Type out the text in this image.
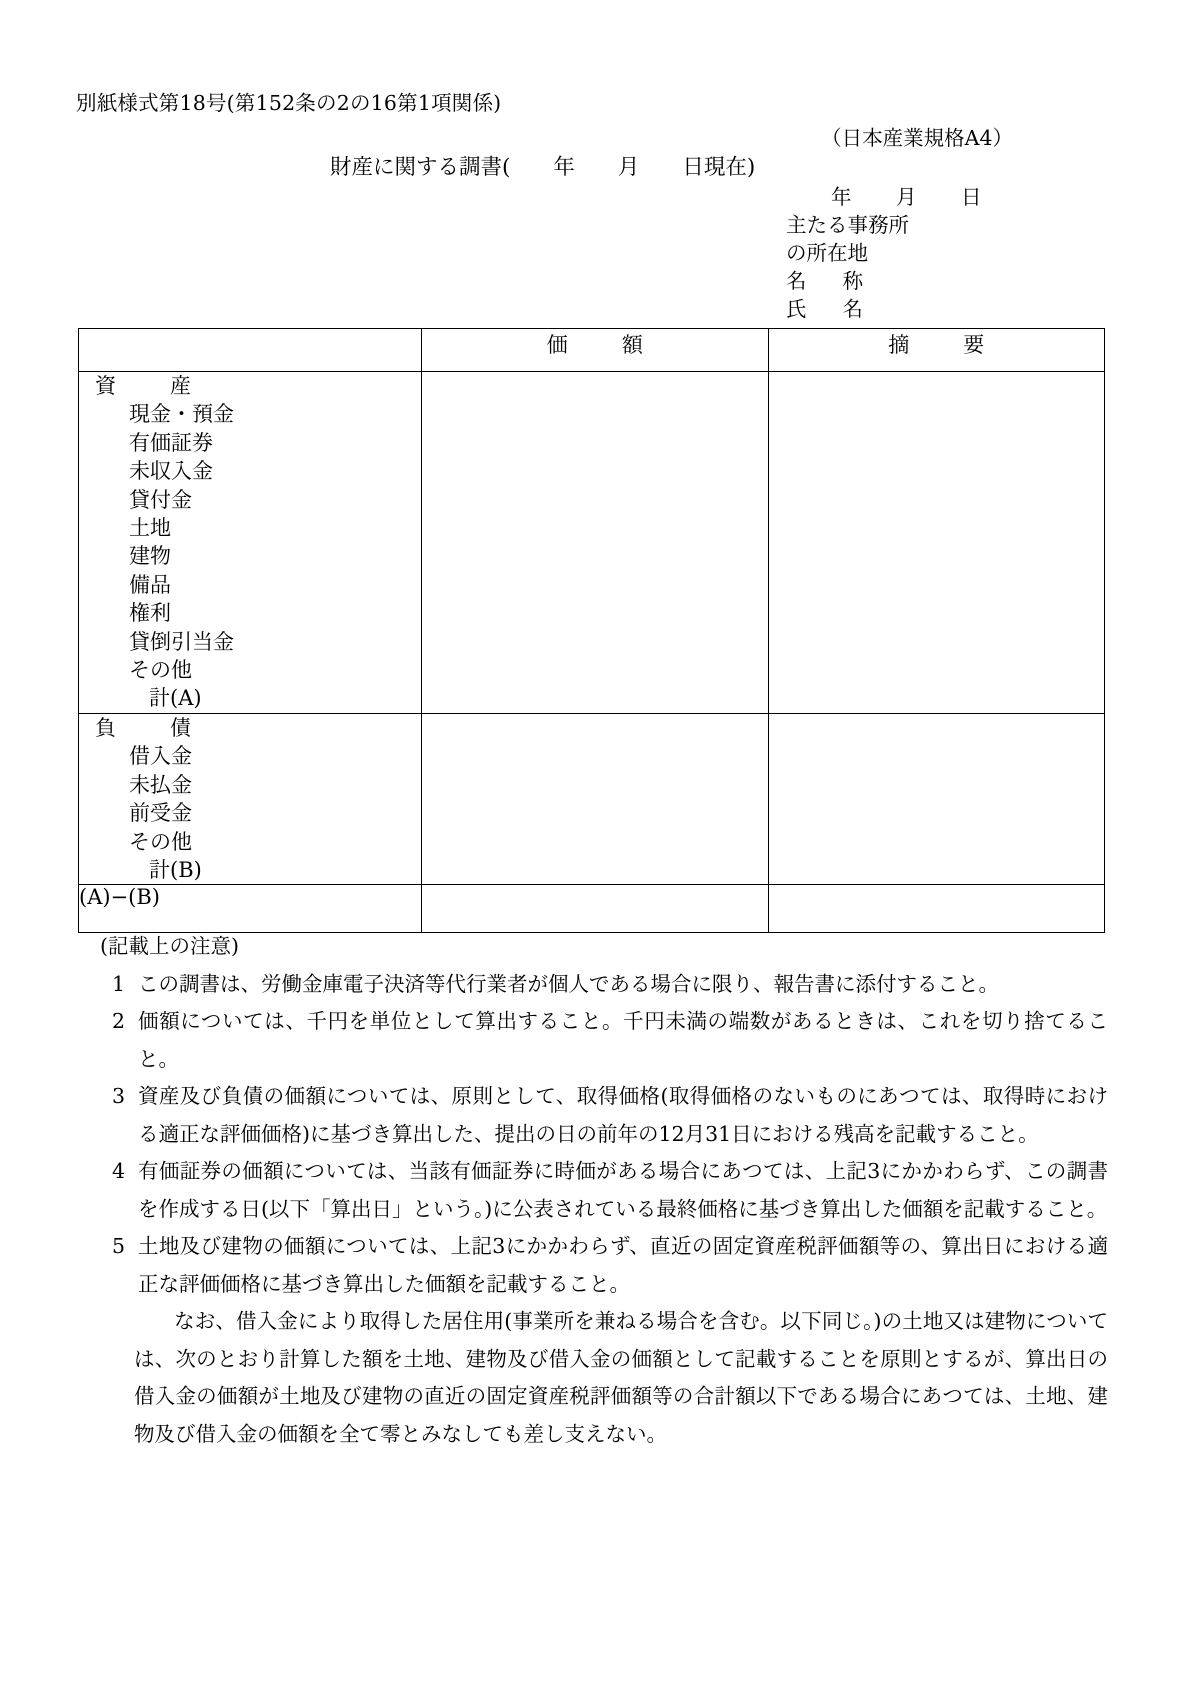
別紙様式第18号(第152条の2の16第1項関係)
（日本産業規格A4）
財産に関する調書(　　年　　月　　日現在)
年 月 日
主たる事務所
の所在地
名 称
氏 名
	価 額	摘 要

資	産
現金・預金
有価証券
未収入金
貸付金
土地
建物
備品
権利
貸倒引当金
その他
計(A)

負	債
借入金
未払金
前受金
その他
計(B)

(A)−(B)		
(記載上の注意)
1 この調書は、労働金庫電子決済等代行業者が個人である場合に限り、報告書に添付すること。
2 価額については、千円を単位として算出すること。千円未満の端数があるときは、これを切り捨てること。
3 資産及び負債の価額については、原則として、取得価格(取得価格のないものにあつては、取得時における適正な評価価格)に基づき算出した、提出の日の前年の12月31日における残高を記載すること。
4 有価証券の価額については、当該有価証券に時価がある場合にあつては、上記3にかかわらず、この調書を作成する日(以下「算出日」という。)に公表されている最終価格に基づき算出した価額を記載すること。
5 土地及び建物の価額については、上記3にかかわらず、直近の固定資産税評価額等の、算出日における適正な評価価格に基づき算出した価額を記載すること。
なお、借入金により取得した居住用(事業所を兼ねる場合を含む。以下同じ。)の土地又は建物については、次のとおり計算した額を土地、建物及び借入金の価額として記載することを原則とするが、算出日の借入金の価額が土地及び建物の直近の固定資産税評価額等の合計額以下である場合にあつては、土地、建物及び借入金の価額を全て零とみなしても差し支えない。
